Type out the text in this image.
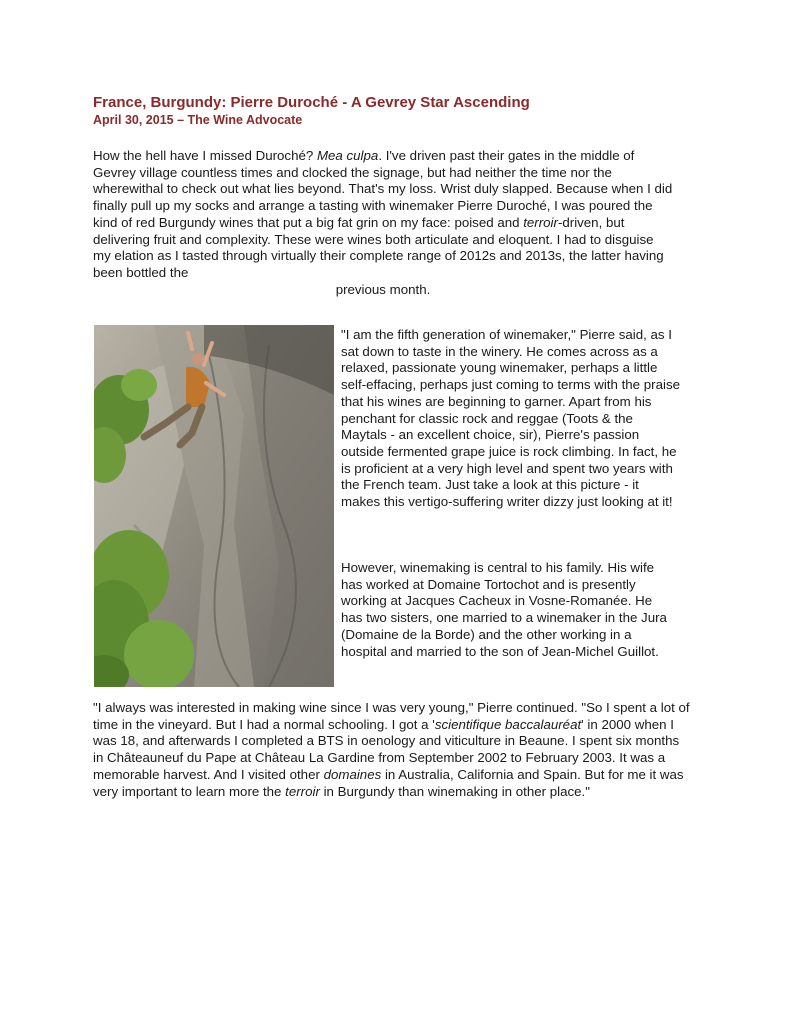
France, Burgundy: Pierre Duroché - A Gevrey Star Ascending
April 30, 2015 – The Wine Advocate

How the hell have I missed Duroché? Mea culpa. I've driven past their gates in the middle of Gevrey village countless times and clocked the signage, but had neither the time nor the wherewithal to check out what lies beyond. That's my loss. Wrist duly slapped. Because when I did finally pull up my socks and arrange a tasting with winemaker Pierre Duroché, I was poured the kind of red Burgundy wines that put a big fat grin on my face: poised and terroir-driven, but delivering fruit and complexity. These were wines both articulate and eloquent. I had to disguise my elation as I tasted through virtually their complete range of 2012s and 2013s, the latter having been bottled the
previous month.

"I am the fifth generation of winemaker," Pierre said, as I sat down to taste in the winery. He comes across as a relaxed, passionate young winemaker, perhaps a little self-effacing, perhaps just coming to terms with the praise that his wines are beginning to garner. Apart from his penchant for classic rock and reggae (Toots & the Maytals - an excellent choice, sir), Pierre's passion outside fermented grape juice is rock climbing. In fact, he is proficient at a very high level and spent two years with the French team. Just take a look at this picture - it makes this vertigo-suffering writer dizzy just looking at it!

However, winemaking is central to his family. His wife has worked at Domaine Tortochot and is presently working at Jacques Cacheux in Vosne-Romanée. He has two sisters, one married to a winemaker in the Jura (Domaine de la Borde) and the other working in a hospital and married to the son of Jean-Michel Guillot.

"I always was interested in making wine since I was very young," Pierre continued. "So I spent a lot of time in the vineyard. But I had a normal schooling. I got a 'scientifique baccalauréat' in 2000 when I was 18, and afterwards I completed a BTS in oenology and viticulture in Beaune. I spent six months in Châteauneuf du Pape at Château La Gardine from September 2002 to February 2003. It was a memorable harvest. And I visited other domaines in Australia, California and Spain. But for me it was very important to learn more the terroir in Burgundy than winemaking in other place."
